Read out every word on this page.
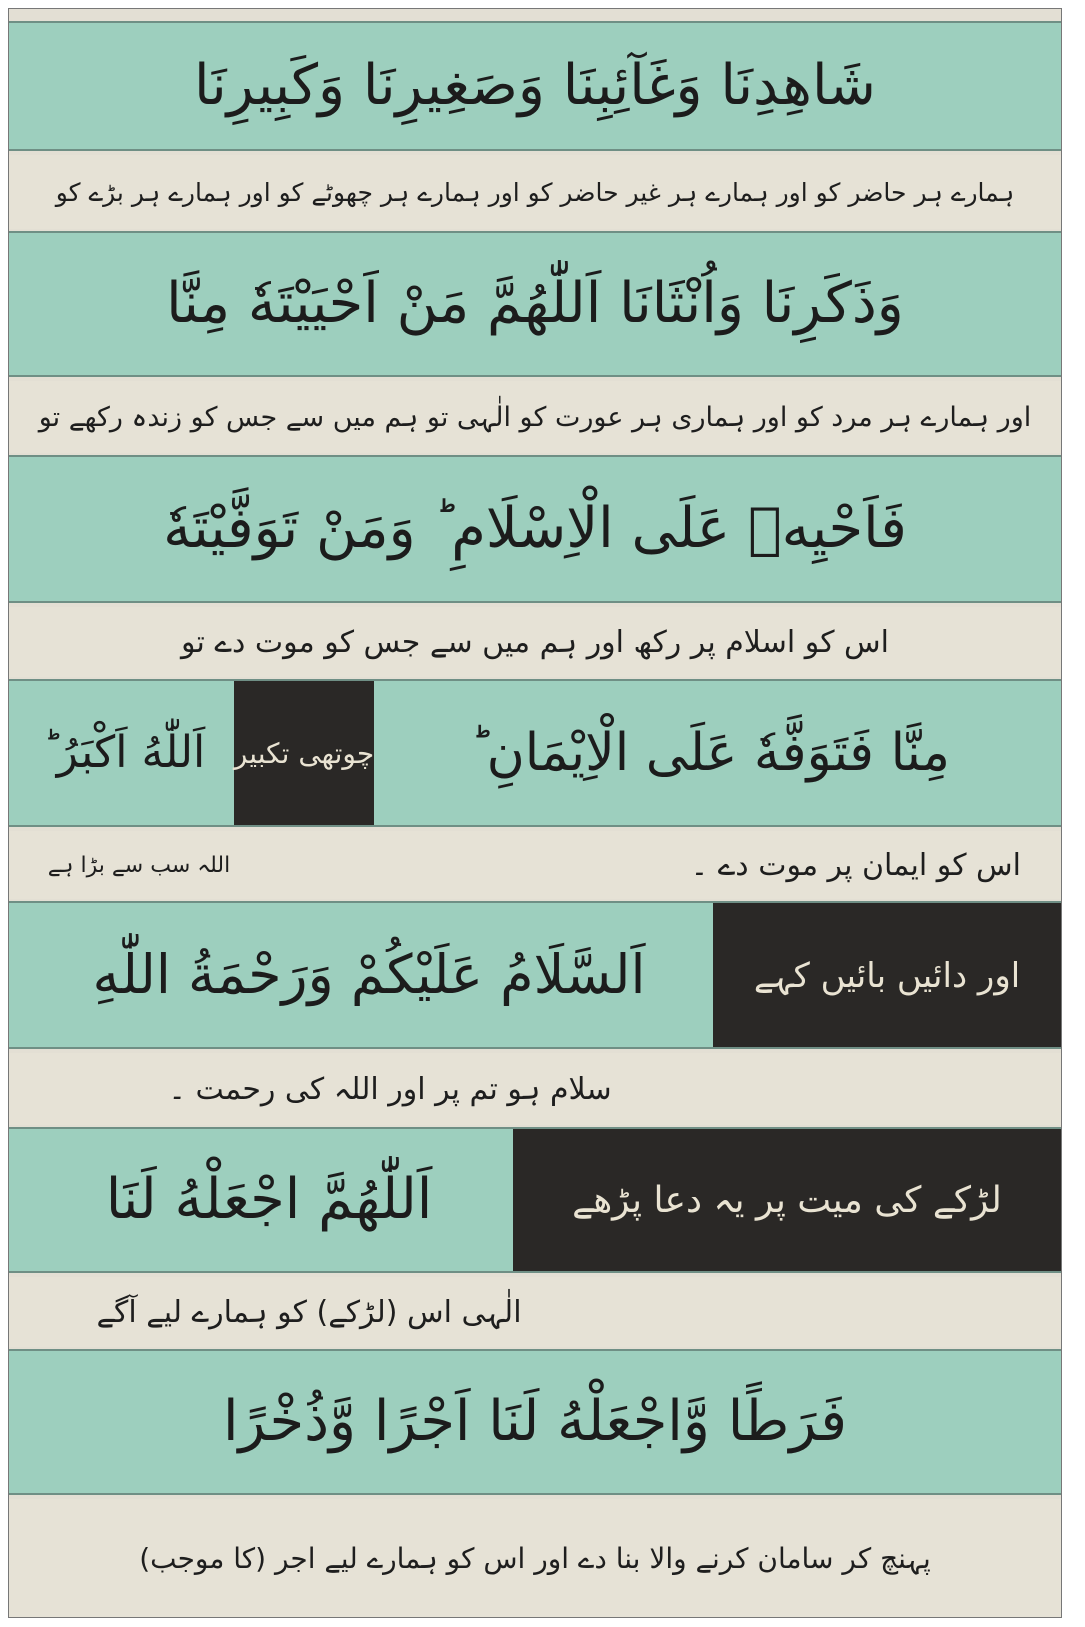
شَاهِدِنَا وَغَآئِبِنَا وَصَغِيرِنَا وَكَبِيرِنَا
ہمارے ہر حاضر کو اور ہمارے ہر غیر حاضر کو اور ہمارے ہر چھوٹے کو اور ہمارے ہر بڑے کو
وَذَكَرِنَا وَاُنْثَانَا اَللّٰهُمَّ مَنْ اَحْيَيْتَهٗ مِنَّا
اور ہمارے ہر مرد کو اور ہماری ہر عورت کو الٰہی تو ہم میں سے جس کو زندہ رکھے تو
فَاَحْيِهٖ عَلَى الْاِسْلَامِ ؕ وَمَنْ تَوَفَّيْتَهٗ
اس کو اسلام پر رکھ اور ہم میں سے جس کو موت دے تو
مِنَّا فَتَوَفَّهٗ عَلَى الْاِيْمَانِ ؕ
چوتھی تکبیر
اَللّٰهُ اَكْبَرُ ؕ
اس کو ایمان پر موت دے ۔
اللہ سب سے بڑا ہے
اور دائیں بائیں کہے
اَلسَّلَامُ عَلَيْكُمْ وَرَحْمَةُ اللّٰهِ
سلام ہو تم پر اور اللہ کی رحمت ۔
لڑکے کی میت پر یہ دعا پڑھے
اَللّٰهُمَّ اجْعَلْهُ لَنَا
الٰہی اس (لڑکے) کو ہمارے لیے آگے
فَرَطًا وَّاجْعَلْهُ لَنَا اَجْرًا وَّذُخْرًا
پہنچ کر سامان کرنے والا بنا دے اور اس کو ہمارے لیے اجر (کا موجب)
